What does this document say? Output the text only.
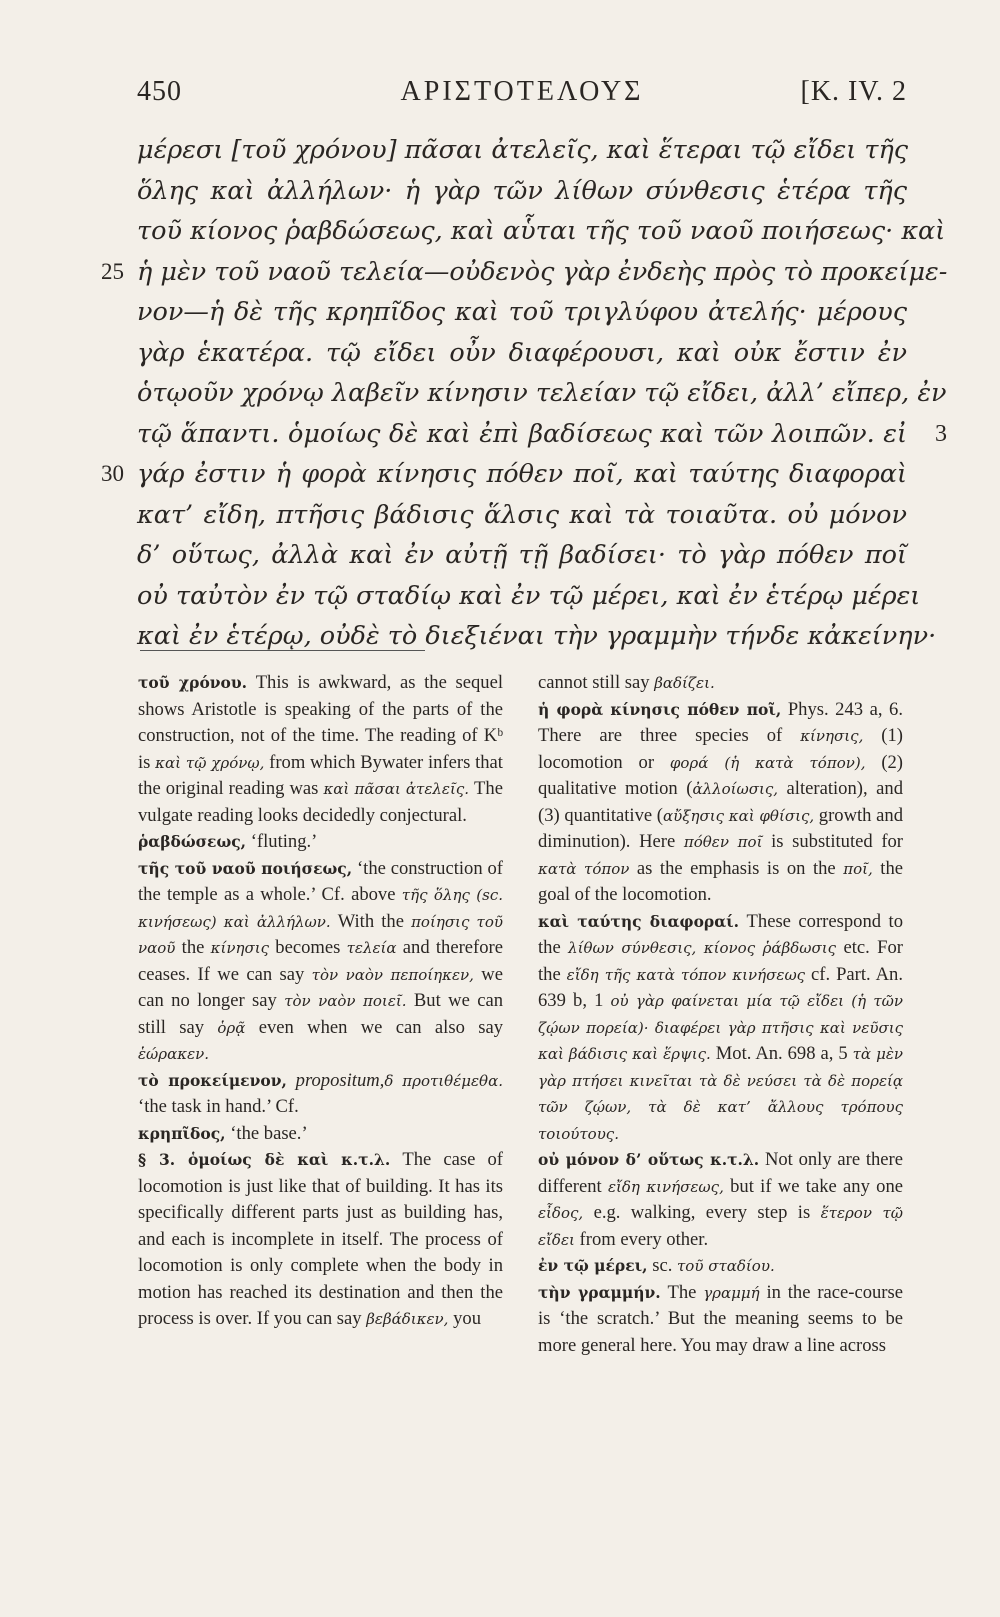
450	ΑΡΙΣΤΟΤΕΛΟΥΣ	[K. IV. 2
μέρεσι [τοῦ χρόνου] πᾶσαι ἀτελεῖς, καὶ ἕτεραι τῷ εἴδει τῆς
ὅλης καὶ ἀλλήλων· ἡ γὰρ τῶν λίθων σύνθεσις ἑτέρα τῆς
τοῦ κίονος ῥαβδώσεως, καὶ αὗται τῆς τοῦ ναοῦ ποιήσεως· καὶ
ἡ μὲν τοῦ ναοῦ τελεία—οὐδενὸς γὰρ ἐνδεὴς πρὸς τὸ προκείμε-
25
νον—ἡ δὲ τῆς κρηπῖδος καὶ τοῦ τριγλύφου ἀτελής· μέρους
γὰρ ἑκατέρα. τῷ εἴδει οὖν διαφέρουσι, καὶ οὐκ ἔστιν ἐν
ὁτῳοῦν χρόνῳ λαβεῖν κίνησιν τελείαν τῷ εἴδει, ἀλλ’ εἴπερ, ἐν
τῷ ἅπαντι. ὁμοίως δὲ καὶ ἐπὶ βαδίσεως καὶ τῶν λοιπῶν. εἰ 3
γάρ ἐστιν ἡ φορὰ κίνησις πόθεν ποῖ, καὶ ταύτης διαφοραὶ
30
κατ’ εἴδη, πτῆσις βάδισις ἅλσις καὶ τὰ τοιαῦτα. οὐ μόνον
δ’ οὕτως, ἀλλὰ καὶ ἐν αὐτῇ τῇ βαδίσει· τὸ γὰρ πόθεν ποῖ
οὐ ταὐτὸν ἐν τῷ σταδίῳ καὶ ἐν τῷ μέρει, καὶ ἐν ἑτέρῳ μέρει
καὶ ἐν ἑτέρῳ, οὐδὲ τὸ διεξιέναι τὴν γραμμὴν τήνδε κἀκείνην·

τοῦ χρόνου. This is awkward, as the sequel shows Aristotle is speaking of the parts of the construction, not of the time. The reading of Kᵇ is καὶ τῷ χρόνῳ, from which Bywater infers that the original reading was καὶ πᾶσαι ἀτελεῖς. The vulgate reading looks decidedly conjectural.

ῥαβδώσεως, ‘fluting.’

τῆς τοῦ ναοῦ ποιήσεως, ‘the construction of the temple as a whole.’ Cf. above τῆς ὅλης (sc. κινήσεως) καὶ ἀλλήλων. With the ποίησις τοῦ ναοῦ the κίνησις becomes τελεία and therefore ceases. If we can say τὸν ναὸν πεποίηκεν, we can no longer say τὸν ναὸν ποιεῖ. But we can still say ὁρᾷ even when we can also say ἑώρακεν.

τὸ προκείμενον, propositum,δ προτιθέμεθα. ‘the task in hand.’ Cf.

κρηπῖδος, ‘the base.’

§ 3. ὁμοίως δὲ καὶ κ.τ.λ. The case of locomotion is just like that of building. It has its specifically different parts just as building has, and each is incomplete in itself. The process of locomotion is only complete when the body in motion has reached its destination and then the process is over. If you can say βεβάδικεν, you

cannot still say βαδίζει.

ἡ φορὰ κίνησις πόθεν ποῖ, Phys. 243 a, 6. There are three species of κίνησις, (1) locomotion or φορά (ἡ κατὰ τόπον), (2) qualitative motion (ἀλλοίωσις, alteration), and (3) quantitative (αὔξησις καὶ φθίσις, growth and diminution). Here πόθεν ποῖ is substituted for κατὰ τόπον as the emphasis is on the ποῖ, the goal of the locomotion.

καὶ ταύτης διαφοραί. These correspond to the λίθων σύνθεσις, κίονος ῥάβδωσις etc. For the εἴδη τῆς κατὰ τόπον κινήσεως cf. Part. An. 639 b, 1 οὐ γὰρ φαίνεται μία τῷ εἴδει (ἡ τῶν ζῴων πορεία)· διαφέρει γὰρ πτῆσις καὶ νεῦσις καὶ βάδισις καὶ ἕρψις. Mot. An. 698 a, 5 τὰ μὲν γὰρ πτήσει κινεῖται τὰ δὲ νεύσει τὰ δὲ πορείᾳ τῶν ζῴων, τὰ δὲ κατ’ ἄλλους τρόπους τοιούτους.

οὐ μόνον δ’ οὕτως κ.τ.λ. Not only are there different εἴδη κινήσεως, but if we take any one εἶδος, e.g. walking, every step is ἕτερον τῷ εἴδει from every other.

ἐν τῷ μέρει, sc. τοῦ σταδίου.

τὴν γραμμήν. The γραμμή in the race-course is ‘the scratch.’ But the meaning seems to be more general here. You may draw a line across
